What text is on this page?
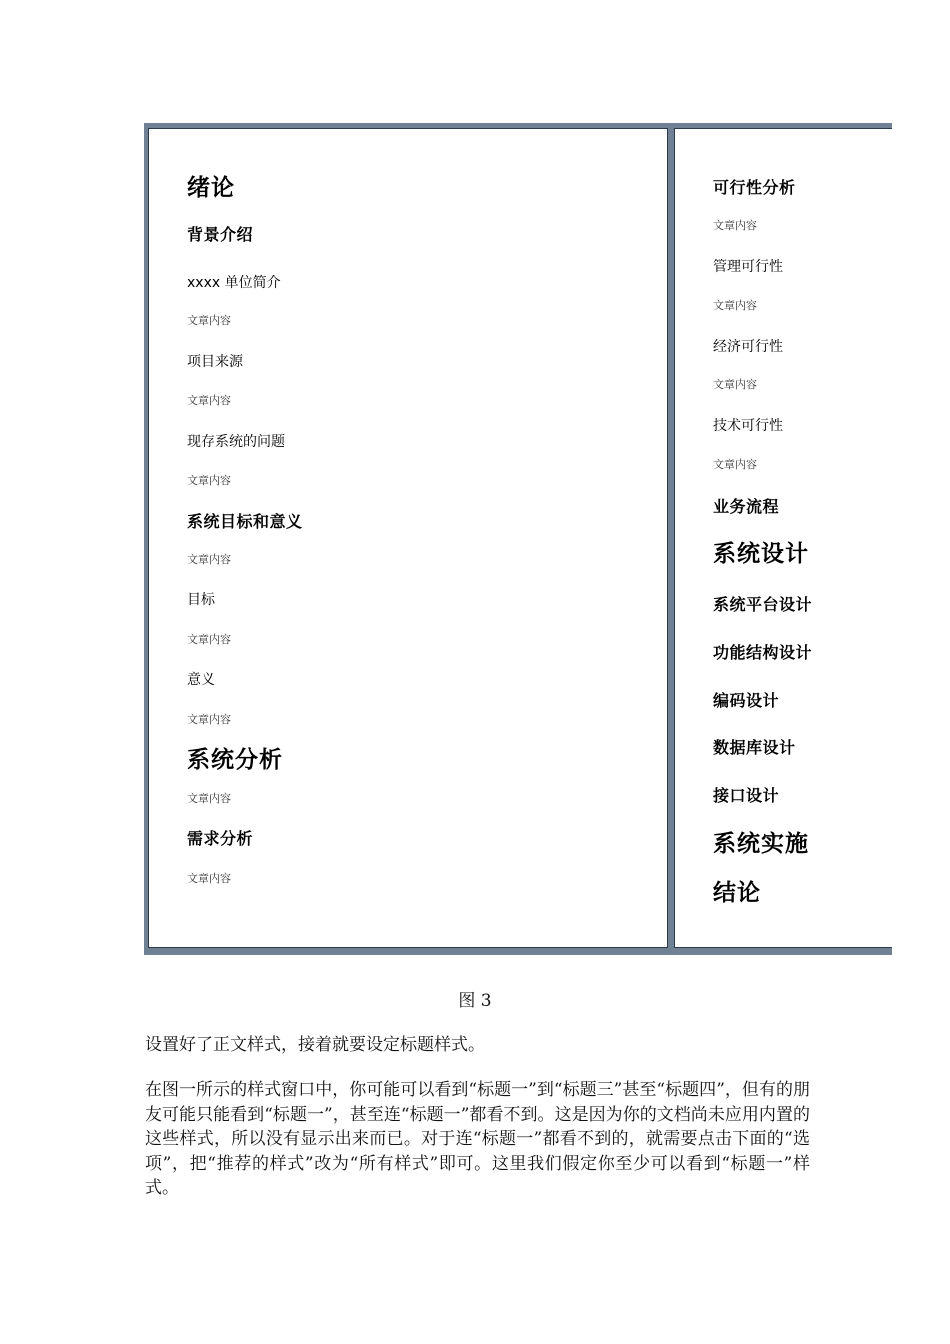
绪论
背景介绍
xxxx 单位简介
文章内容
项目来源
文章内容
现存系统的问题
文章内容
系统目标和意义
文章内容
目标
文章内容
意义
文章内容
系统分析
文章内容
需求分析
文章内容
可行性分析
文章内容
管理可行性
文章内容
经济可行性
文章内容
技术可行性
文章内容
业务流程
系统设计
系统平台设计
功能结构设计
编码设计
数据库设计
接口设计
系统实施
结论
图 3

设置好了正文样式，接着就要设定标题样式。

在图一所示的样式窗口中，你可能可以看到“标题一”到“标题三”甚至“标题四”，但有的朋友可能只能看到“标题一”，甚至连“标题一”都看不到。这是因为你的文档尚未应用内置的这些样式，所以没有显示出来而已。对于连“标题一”都看不到的，就需要点击下面的“选项”，把“推荐的样式”改为“所有样式”即可。这里我们假定你至少可以看到“标题一”样式。
